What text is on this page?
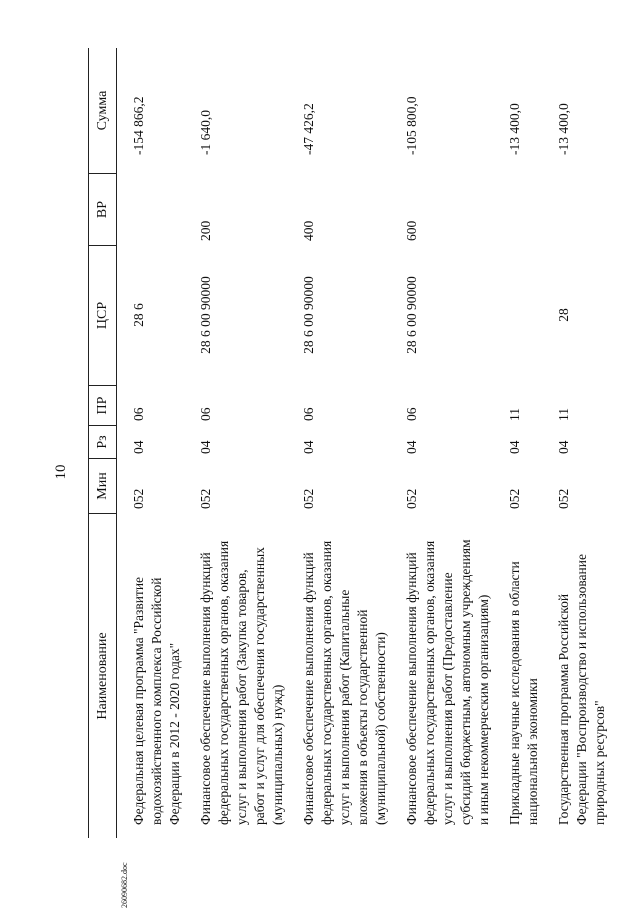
10
Наименование
Мин
Рз
ПР
ЦСР
ВР
Сумма
Федеральная целевая программа "Развитие
водохозяйственного комплекса Российской
Федерации в 2012 - 2020 годах"
052
04
06
28 6
-154 866,2
Финансовое обеспечение выполнения функций
федеральных государственных органов, оказания
услуг и выполнения работ (Закупка товаров,
работ и услуг для обеспечения государственных
(муниципальных) нужд)
052
04
06
28 6 00 90000
200
-1 640,0
Финансовое обеспечение выполнения функций
федеральных государственных органов, оказания
услуг и выполнения работ (Капитальные
вложения в объекты государственной
(муниципальной) собственности)
052
04
06
28 6 00 90000
400
-47 426,2
Финансовое обеспечение выполнения функций
федеральных государственных органов, оказания
услуг и выполнения работ (Предоставление
субсидий бюджетным, автономным учреждениям
и иным некоммерческим организациям)
052
04
06
28 6 00 90000
600
-105 800,0
Прикладные научные исследования в области
национальной экономики
052
04
11
-13 400,0
Государственная программа Российской
Федерации "Воспроизводство и использование
природных ресурсов"
052
04
11
28
-13 400,0
26090682.doc
